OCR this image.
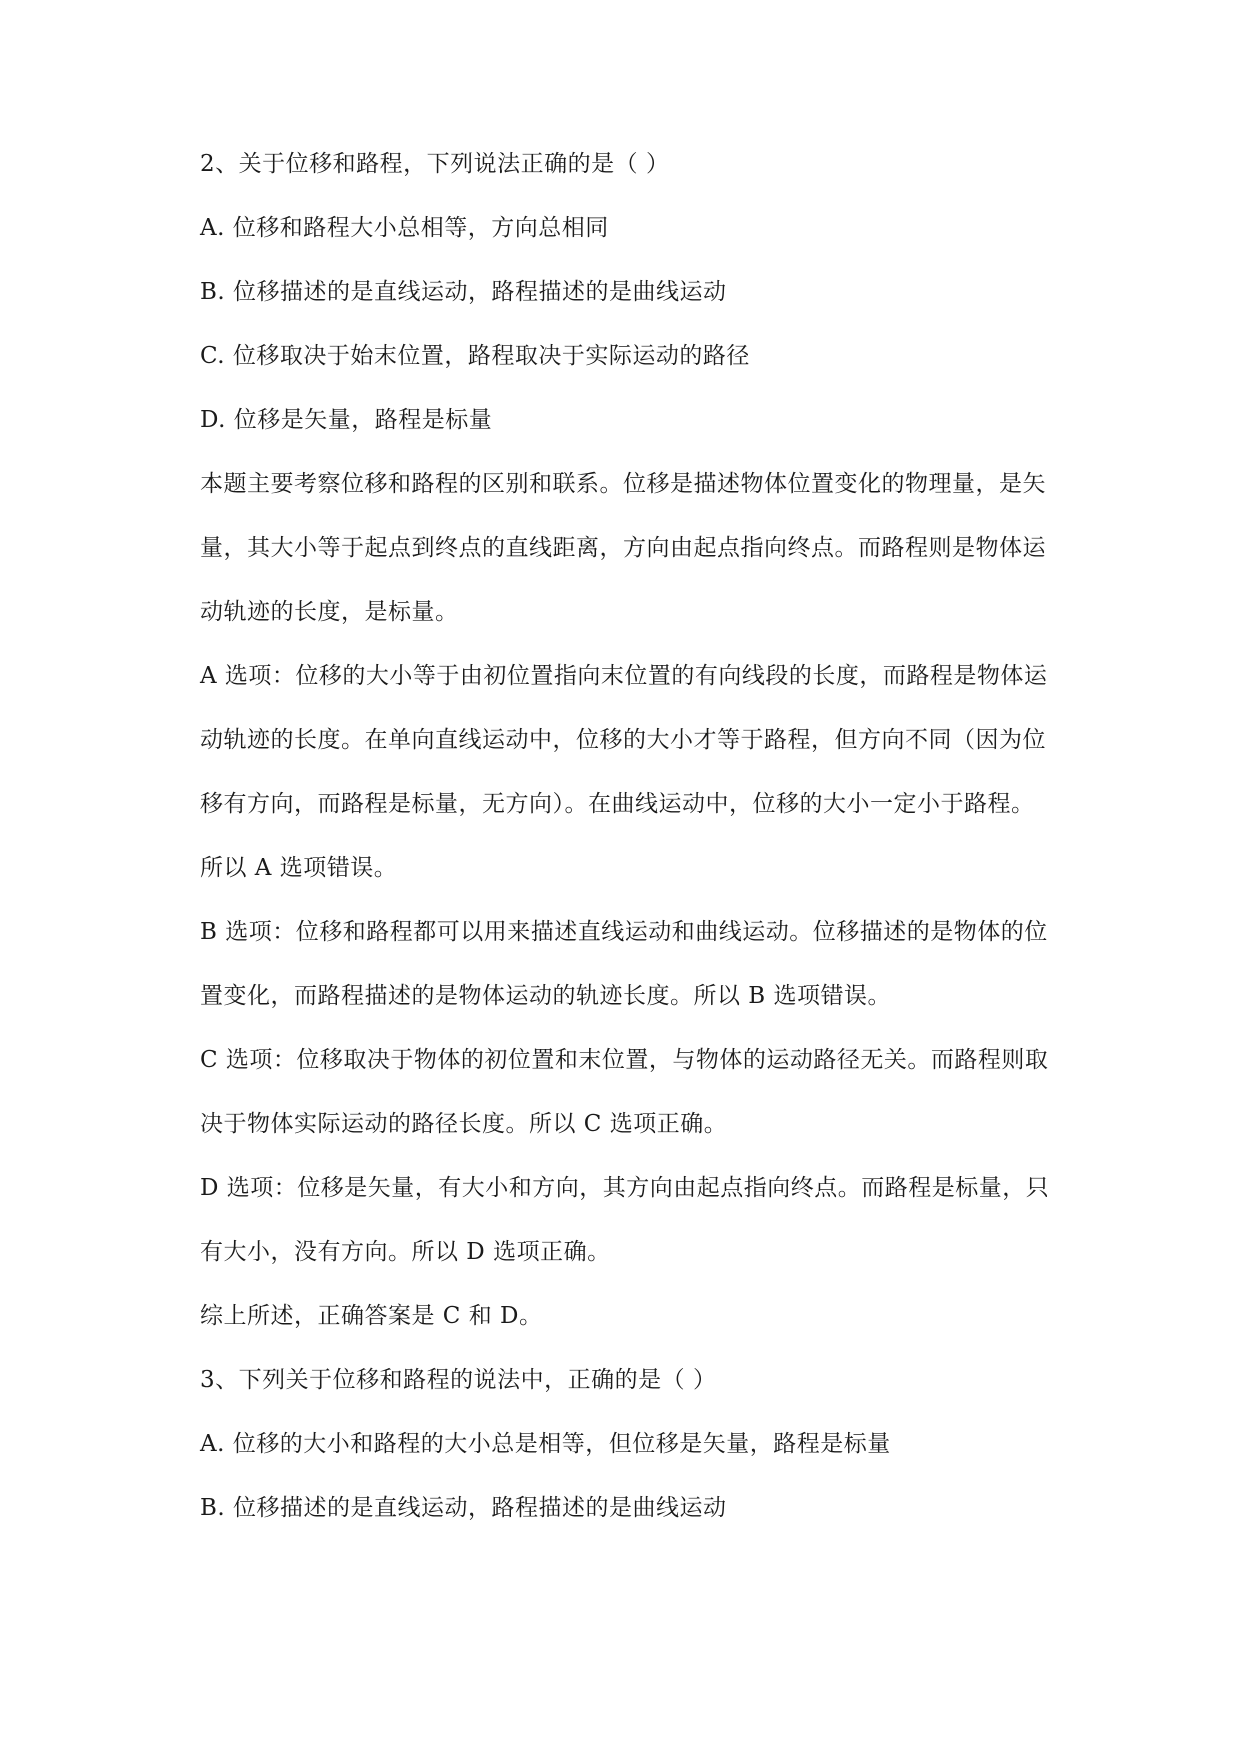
2、关于位移和路程，下列说法正确的是（ ）
A. 位移和路程大小总相等，方向总相同
B. 位移描述的是直线运动，路程描述的是曲线运动
C. 位移取决于始末位置，路程取决于实际运动的路径
D. 位移是矢量，路程是标量
本题主要考察位移和路程的区别和联系。位移是描述物体位置变化的物理量，是矢
量，其大小等于起点到终点的直线距离，方向由起点指向终点。而路程则是物体运
动轨迹的长度，是标量。
A 选项：位移的大小等于由初位置指向末位置的有向线段的长度，而路程是物体运
动轨迹的长度。在单向直线运动中，位移的大小才等于路程，但方向不同（因为位
移有方向，而路程是标量，无方向）。在曲线运动中，位移的大小一定小于路程。
所以 A 选项错误。
B 选项：位移和路程都可以用来描述直线运动和曲线运动。位移描述的是物体的位
置变化，而路程描述的是物体运动的轨迹长度。所以 B 选项错误。
C 选项：位移取决于物体的初位置和末位置，与物体的运动路径无关。而路程则取
决于物体实际运动的路径长度。所以 C 选项正确。
D 选项：位移是矢量，有大小和方向，其方向由起点指向终点。而路程是标量，只
有大小，没有方向。所以 D 选项正确。
综上所述，正确答案是 C 和 D。
3、下列关于位移和路程的说法中，正确的是（ ）
A. 位移的大小和路程的大小总是相等，但位移是矢量，路程是标量
B. 位移描述的是直线运动，路程描述的是曲线运动
